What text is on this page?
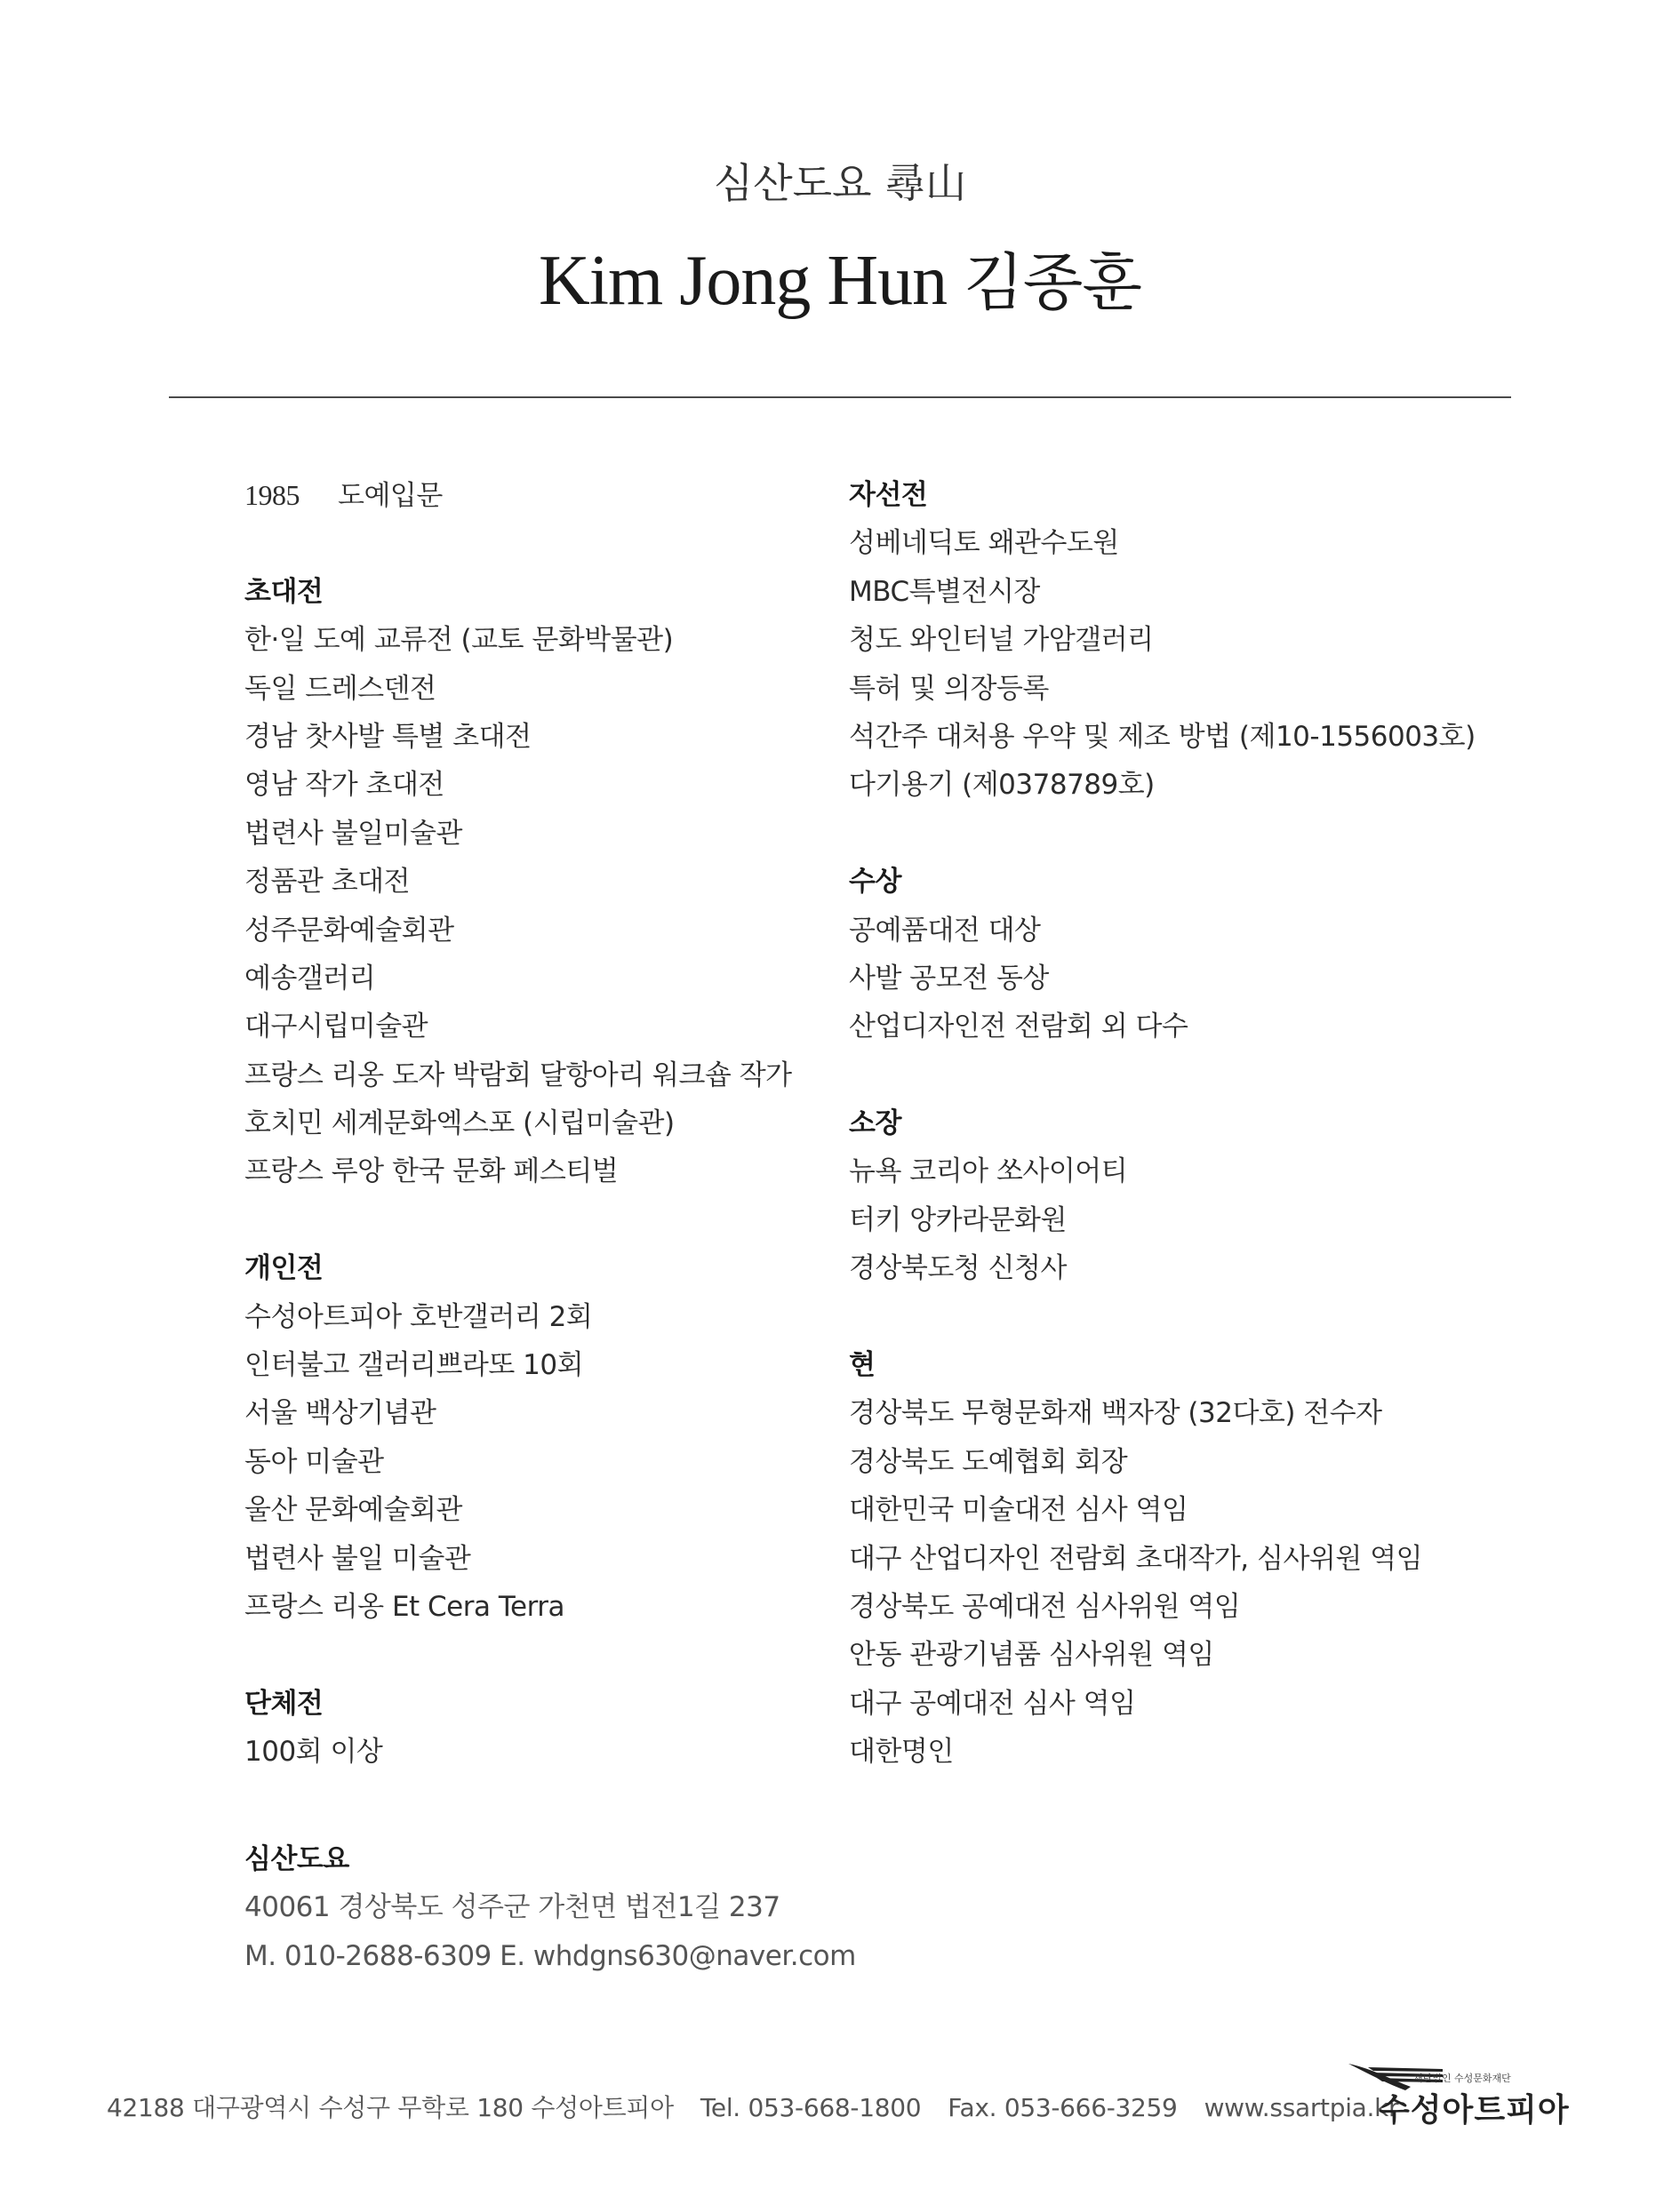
심산도요 尋山
Kim Jong Hun 김종훈
1985 도예입문
초대전
한·일 도예 교류전 (교토 문화박물관)
독일 드레스덴전
경남 찻사발 특별 초대전
영남 작가 초대전
법련사 불일미술관
정품관 초대전
성주문화예술회관
예송갤러리
대구시립미술관
프랑스 리옹 도자 박람회 달항아리 워크숍 작가
호치민 세계문화엑스포 (시립미술관)
프랑스 루앙 한국 문화 페스티벌
개인전
수성아트피아 호반갤러리 2회
인터불고 갤러리쁘라또 10회
서울 백상기념관
동아 미술관
울산 문화예술회관
법련사 불일 미술관
프랑스 리옹 Et Cera Terra
단체전
100회 이상
자선전
성베네딕토 왜관수도원
MBC특별전시장
청도 와인터널 가암갤러리
특허 및 의장등록
석간주 대처용 우약 및 제조 방법 (제10-1556003호)
다기용기 (제0378789호)
수상
공예품대전 대상
사발 공모전 동상
산업디자인전 전람회 외 다수
소장
뉴욕 코리아 쏘사이어티
터키 앙카라문화원
경상북도청 신청사
현
경상북도 무형문화재 백자장 (32다호) 전수자
경상북도 도예협회 회장
대한민국 미술대전 심사 역임
대구 산업디자인 전람회 초대작가, 심사위원 역임
경상북도 공예대전 심사위원 역임
안동 관광기념품 심사위원 역임
대구 공예대전 심사 역임
대한명인
심산도요
40061 경상북도 성주군 가천면 법전1길 237
M. 010-2688-6309 E. whdgns630@naver.com
42188 대구광역시 수성구 무학로 180 수성아트피아 Tel. 053-668-1800 Fax. 053-666-3259 www.ssartpia.kr
재단법인 수성문화재단
수성아트피아
